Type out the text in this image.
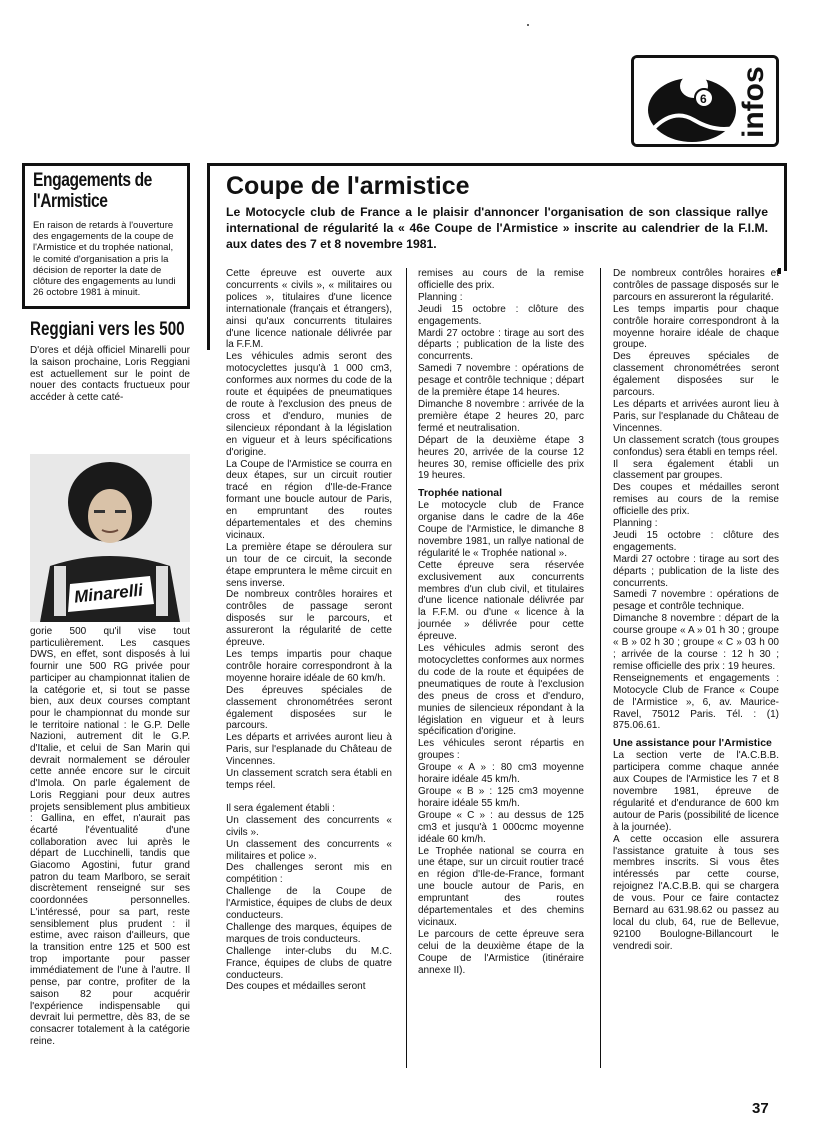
6 infos
Engagements de l'Armistice
En raison de retards à l'ouverture des engagements de la coupe de l'Armistice et du trophée national, le comité d'organisation a pris la décision de reporter la date de clôture des engagements au lundi 26 octobre 1981 à minuit.
Reggiani vers les 500
D'ores et déjà officiel Minarelli pour la saison prochaine, Loris Reggiani est actuellement sur le point de nouer des contacts fructueux pour accéder à cette caté-
Minarelli
gorie 500 qu'il vise tout particulièrement. Les casques DWS, en effet, sont disposés à lui fournir une 500 RG privée pour participer au championnat italien de la catégorie et, si tout se passe bien, aux deux courses comptant pour le championnat du monde sur le territoire national : le G.P. Delle Nazioni, autrement dit le G.P. d'Italie, et celui de San Marin qui devrait normalement se dérouler cette année encore sur le circuit d'Imola. On parle également de Loris Reggiani pour deux autres projets sensiblement plus ambitieux : Gallina, en effet, n'aurait pas écarté l'éventualité d'une collaboration avec lui après le départ de Lucchinelli, tandis que Giacomo Agostini, futur grand patron du team Marlboro, se serait discrètement renseigné sur ses coordonnées personnelles. L'intéressé, pour sa part, reste sensiblement plus prudent : il estime, avec raison d'ailleurs, que la transition entre 125 et 500 est trop importante pour passer immédiatement de l'une à l'autre. Il pense, par contre, profiter de la saison 82 pour acquérir l'expérience indispensable qui devrait lui permettre, dès 83, de se consacrer totalement à la catégorie reine.
Coupe de l'armistice
Le Motocycle club de France a le plaisir d'annoncer l'organisation de son classique rallye international de régularité la « 46e Coupe de l'Armistice » inscrite au calendrier de la F.I.M. aux dates des 7 et 8 novembre 1981.

Cette épreuve est ouverte aux concurrents « civils », « militaires ou polices », titulaires d'une licence internationale (français et étrangers), ainsi qu'aux concurrents titulaires d'une licence nationale délivrée par la F.F.M.

Les véhicules admis seront des motocyclettes jusqu'à 1 000 cm3, conformes aux normes du code de la route et équipées de pneumatiques de route à l'exclusion des pneus de cross et d'enduro, munies de silencieux répondant à la législation en vigueur et à leurs spécifications d'origine.

La Coupe de l'Armistice se courra en deux étapes, sur un circuit routier tracé en région d'Ile-de-France formant une boucle autour de Paris, en empruntant des routes départementales et des chemins vicinaux.

La première étape se déroulera sur un tour de ce circuit, la seconde étape empruntera le même circuit en sens inverse.

De nombreux contrôles horaires et contrôles de passage seront disposés sur le parcours, et assureront la régularité de cette épreuve.

Les temps impartis pour chaque contrôle horaire correspondront à la moyenne horaire idéale de 60 km/h.

Des épreuves spéciales de classement chronométrées seront également disposées sur le parcours.

Les départs et arrivées auront lieu à Paris, sur l'esplanade du Château de Vincennes.

Un classement scratch sera établi en temps réel.

Il sera également établi :

Un classement des concurrents « civils ».

Un classement des concurrents « militaires et police ».

Des challenges seront mis en compétition :

Challenge de la Coupe de l'Armistice, équipes de clubs de deux conducteurs.

Challenge des marques, équipes de marques de trois conducteurs.

Challenge inter-clubs du M.C. France, équipes de clubs de quatre conducteurs.

Des coupes et médailles seront

remises au cours de la remise officielle des prix.

Planning :

Jeudi 15 octobre : clôture des engagements.

Mardi 27 octobre : tirage au sort des départs ; publication de la liste des concurrents.

Samedi 7 novembre : opérations de pesage et contrôle technique ; départ de la première étape 14 heures.

Dimanche 8 novembre : arrivée de la première étape 2 heures 20, parc fermé et neutralisation.

Départ de la deuxième étape 3 heures 20, arrivée de la course 12 heures 30, remise officielle des prix 19 heures.

Trophée national

Le motocycle club de France organise dans le cadre de la 46e Coupe de l'Armistice, le dimanche 8 novembre 1981, un rallye national de régularité le « Trophée national ».

Cette épreuve sera réservée exclusivement aux concurrents membres d'un club civil, et titulaires d'une licence nationale délivrée par la F.F.M. ou d'une « licence à la journée » délivrée pour cette épreuve.

Les véhicules admis seront des motocyclettes conformes aux normes du code de la route et équipées de pneumatiques de route à l'exclusion des pneus de cross et d'enduro, munies de silencieux répondant à la législation en vigueur et à leurs spécification d'origine.

Les véhicules seront répartis en groupes :

Groupe « A » : 80 cm3 moyenne horaire idéale 45 km/h.

Groupe « B » : 125 cm3 moyenne horaire idéale 55 km/h.

Groupe « C » : au dessus de 125 cm3 et jusqu'à 1 000cmc moyenne idéale 60 km/h.

Le Trophée national se courra en une étape, sur un circuit routier tracé en région d'Ile-de-France, formant une boucle autour de Paris, en empruntant des routes départementales et des chemins vicinaux.

Le parcours de cette épreuve sera celui de la deuxième étape de la Coupe de l'Armistice (itinéraire annexe II).

De nombreux contrôles horaires et contrôles de passage disposés sur le parcours en assureront la régularité.

Les temps impartis pour chaque contrôle horaire correspondront à la moyenne horaire idéale de chaque groupe.

Des épreuves spéciales de classement chronométrées seront également disposées sur le parcours.

Les départs et arrivées auront lieu à Paris, sur l'esplanade du Château de Vincennes.

Un classement scratch (tous groupes confondus) sera établi en temps réel.

Il sera également établi un classement par groupes.

Des coupes et médailles seront remises au cours de la remise officielle des prix.

Planning :

Jeudi 15 octobre : clôture des engagements.

Mardi 27 octobre : tirage au sort des départs ; publication de la liste des concurrents.

Samedi 7 novembre : opérations de pesage et contrôle technique.

Dimanche 8 novembre : départ de la course groupe « A » 01 h 30 ; groupe « B » 02 h 30 ; groupe « C » 03 h 00 ; arrivée de la course : 12 h 30 ; remise officielle des prix : 19 heures.

Renseignements et engagements : Motocycle Club de France « Coupe de l'Armistice », 6, av. Maurice-Ravel, 75012 Paris. Tél. : (1) 875.06.61.

Une assistance pour l'Armistice

La section verte de l'A.C.B.B. participera comme chaque année aux Coupes de l'Armistice les 7 et 8 novembre 1981, épreuve de régularité et d'endurance de 600 km autour de Paris (possibilité de licence à la journée).

A cette occasion elle assurera l'assistance gratuite à tous ses membres inscrits. Si vous êtes intéressés par cette course, rejoignez l'A.C.B.B. qui se chargera de vous. Pour ce faire contactez Bernard au 631.98.62 ou passez au local du club, 64, rue de Bellevue, 92100 Boulogne-Billancourt le vendredi soir.

37
